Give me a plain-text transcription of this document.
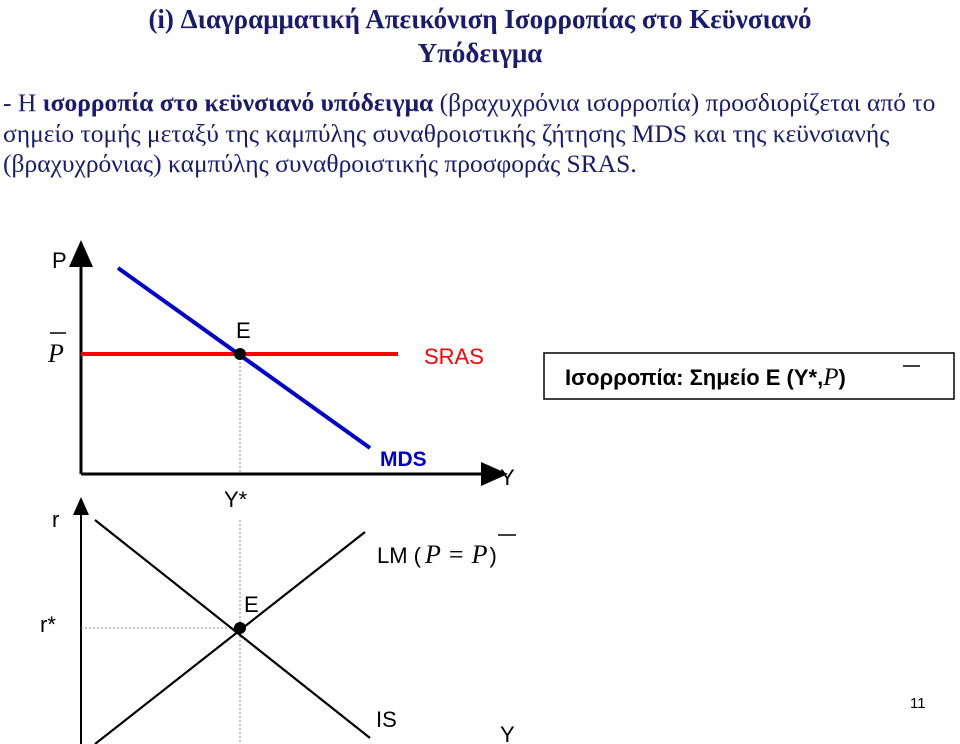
(i) Διαγραμματική Απεικόνιση Ισορροπίας στο Κεϋνσιανό
Υπόδειγμα
- Η ισορροπία στο κεϋνσιανό υπόδειγμα (βραχυχρόνια ισορροπία) προσδιορίζεται από το σημείο τομής μεταξύ της καμπύλης συναθροιστικής ζήτησης MDS και της κεϋνσιανής (βραχυχρόνιας) καμπύλης συναθροιστικής προσφοράς SRAS.
P
Y
P	SRAS
MDS
E
Y*
Ισορροπία: Σημείο Ε (Υ*,P)
r
Y
E
r*
LM ( P = P)
IS
11
